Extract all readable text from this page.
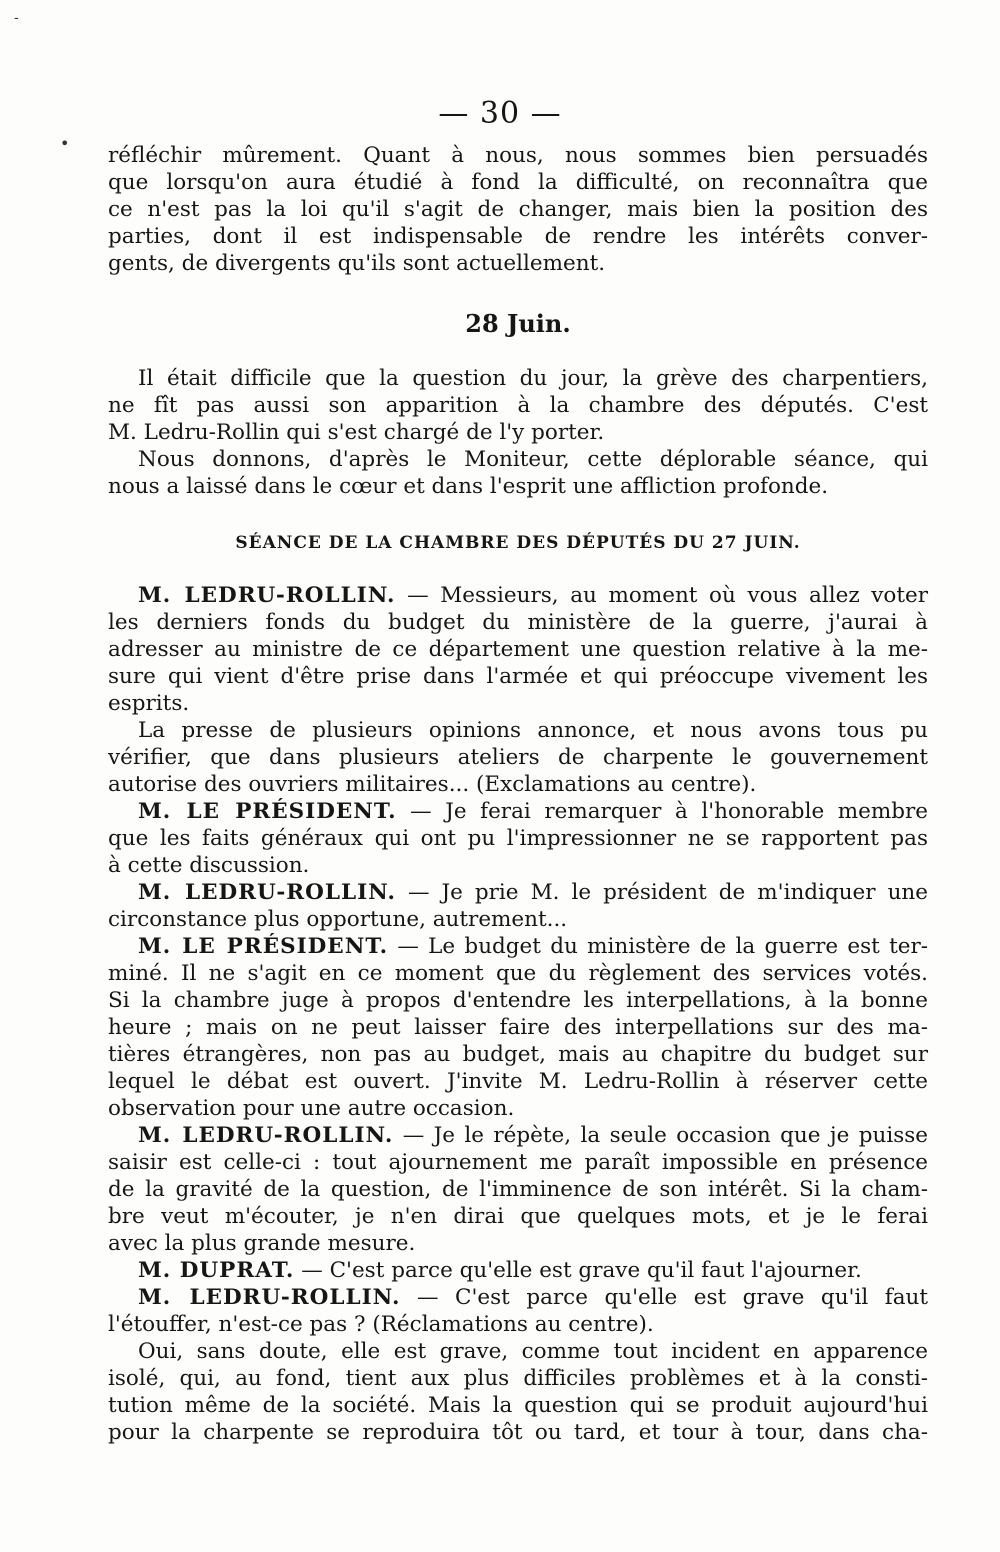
-
•
— 30 —
réfléchir mûrement. Quant à nous, nous sommes bien persuadés
que lorsqu'on aura étudié à fond la difficulté, on reconnaîtra que
ce n'est pas la loi qu'il s'agit de changer, mais bien la position des
parties, dont il est indispensable de rendre les intérêts conver-
gents, de divergents qu'ils sont actuellement.
28 Juin.
Il était difficile que la question du jour, la grève des charpentiers,
ne fît pas aussi son apparition à la chambre des députés. C'est
M. Ledru-Rollin qui s'est chargé de l'y porter.
Nous donnons, d'après le Moniteur, cette déplorable séance, qui
nous a laissé dans le cœur et dans l'esprit une affliction profonde.
SÉANCE DE LA CHAMBRE DES DÉPUTÉS DU 27 JUIN.
M. LEDRU-ROLLIN. — Messieurs, au moment où vous allez voter
les derniers fonds du budget du ministère de la guerre, j'aurai à
adresser au ministre de ce département une question relative à la me-
sure qui vient d'être prise dans l'armée et qui préoccupe vivement les
esprits.
La presse de plusieurs opinions annonce, et nous avons tous pu
vérifier, que dans plusieurs ateliers de charpente le gouvernement
autorise des ouvriers militaires... (Exclamations au centre).
M. LE PRÉSIDENT. — Je ferai remarquer à l'honorable membre
que les faits généraux qui ont pu l'impressionner ne se rapportent pas
à cette discussion.
M. LEDRU-ROLLIN. — Je prie M. le président de m'indiquer une
circonstance plus opportune, autrement...
M. LE PRÉSIDENT. — Le budget du ministère de la guerre est ter-
miné. Il ne s'agit en ce moment que du règlement des services votés.
Si la chambre juge à propos d'entendre les interpellations, à la bonne
heure ; mais on ne peut laisser faire des interpellations sur des ma-
tières étrangères, non pas au budget, mais au chapitre du budget sur
lequel le débat est ouvert. J'invite M. Ledru-Rollin à réserver cette
observation pour une autre occasion.
M. LEDRU-ROLLIN. — Je le répète, la seule occasion que je puisse
saisir est celle-ci : tout ajournement me paraît impossible en présence
de la gravité de la question, de l'imminence de son intérêt. Si la cham-
bre veut m'écouter, je n'en dirai que quelques mots, et je le ferai
avec la plus grande mesure.
M. DUPRAT. — C'est parce qu'elle est grave qu'il faut l'ajourner.
M. LEDRU-ROLLIN. — C'est parce qu'elle est grave qu'il faut
l'étouffer, n'est-ce pas ? (Réclamations au centre).
Oui, sans doute, elle est grave, comme tout incident en apparence
isolé, qui, au fond, tient aux plus difficiles problèmes et à la consti-
tution même de la société. Mais la question qui se produit aujourd'hui
pour la charpente se reproduira tôt ou tard, et tour à tour, dans cha-
